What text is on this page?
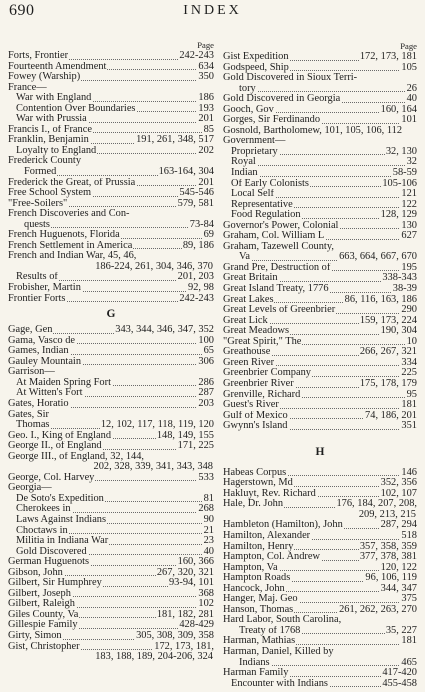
690	INDEX
Page
Forts, Frontier	242-243
Fourteenth Amendment	634
Fowey (Warship)	350
France—
War with England	186
Contention Over Boundaries	193
War with Prussia	201
Francis I., of France	85
Franklin, Benjamin	191, 261, 348, 517
Loyalty to England	202
Frederick County
Formed	163-164, 304
Frederick the Great, of Prussia	201
Free School System	545-546
"Free-Soilers"	579, 581
French Discoveries and Con-
quests	73-84
French Huguenots, Florida	69
French Settlement in America	89, 186
French and Indian War, 45, 46,
186-224, 261, 304, 346, 370
Results of	201, 203
Frobisher, Martin	92, 98
Frontier Forts	242-243
G
Gage, Gen	343, 344, 346, 347, 352
Gama, Vasco de	100
Games, Indian	65
Gauley Mountain	306
Garrison—
At Maiden Spring Fort	286
At Witten's Fort	287
Gates, Horatio	203
Gates, Sir
Thomas	12, 102, 117, 118, 119, 120
Geo. I., King of England	148, 149, 155
George II., of England	171, 225
George III., of England, 32, 144,
202, 328, 339, 341, 343, 348
George, Col. Harvey	533
Georgia—
De Soto's Expedition	81
Cherokees in	268
Laws Against Indians	90
Choctaws in	21
Militia in Indiana War	23
Gold Discovered	40
German Huguenots	160, 366
Gibson, John	267, 320, 321
Gilbert, Sir Humphrey	93-94, 101
Gilbert, Joseph	368
Gilbert, Raleigh	102
Giles County, Va	181, 182, 281
Gillespie Family	428-429
Girty, Simon	305, 308, 309, 358
Gist, Christopher	172, 173, 181,
183, 188, 189, 204-206, 324
Page
Gist Expedition	172, 173, 181
Godspeed, Ship	105
Gold Discovered in Sioux Terri-
tory	26
Gold Discovered in Georgia	40
Gooch, Gov	160, 164
Gorges, Sir Ferdinando	101
Gosnold, Bartholomew, 101, 105, 106, 112
Government—
Proprietary	32, 130
Royal	32
Indian	58-59
Of Early Colonists	105-106
Local Self	121
Representative	122
Food Regulation	128, 129
Governor's Power, Colonial	130
Graham, Col. William L	627
Graham, Tazewell County,
Va	663, 664, 667, 670
Grand Pre, Destruction of	195
Great Britain	338-343
Great Island Treaty, 1776	38-39
Great Lakes	86, 116, 163, 186
Great Levels of Greenbrier	290
Great Lick	159, 173, 224
Great Meadows	190, 304
"Great Spirit," The	10
Greathouse	266, 267, 321
Green River	334
Greenbrier Company	225
Greenbrier River	175, 178, 179
Grenville, Richard	95
Guest's River	181
Gulf of Mexico	74, 186, 201
Gwynn's Island	351
H
Habeas Corpus	146
Hagerstown, Md	352, 356
Hakluyt, Rev. Richard	102, 107
Hale, Dr. John	176, 184, 207, 208,
209, 213, 215
Hambleton (Hamilton), John	287, 294
Hamilton, Alexander	518
Hamilton, Henry	357, 358, 359
Hampton, Col. Andrew	377, 378, 381
Hampton, Va	120, 122
Hampton Roads	96, 106, 119
Hancock, John	344, 347
Hanger, Maj. Geo	375
Hanson, Thomas	261, 262, 263, 270
Hard Labor, South Carolina,
Treaty of 1768	35, 227
Harman, Mathias	181
Harman, Daniel, Killed by
Indians	465
Harman Family	417-420
Encounter with Indians	455-458
